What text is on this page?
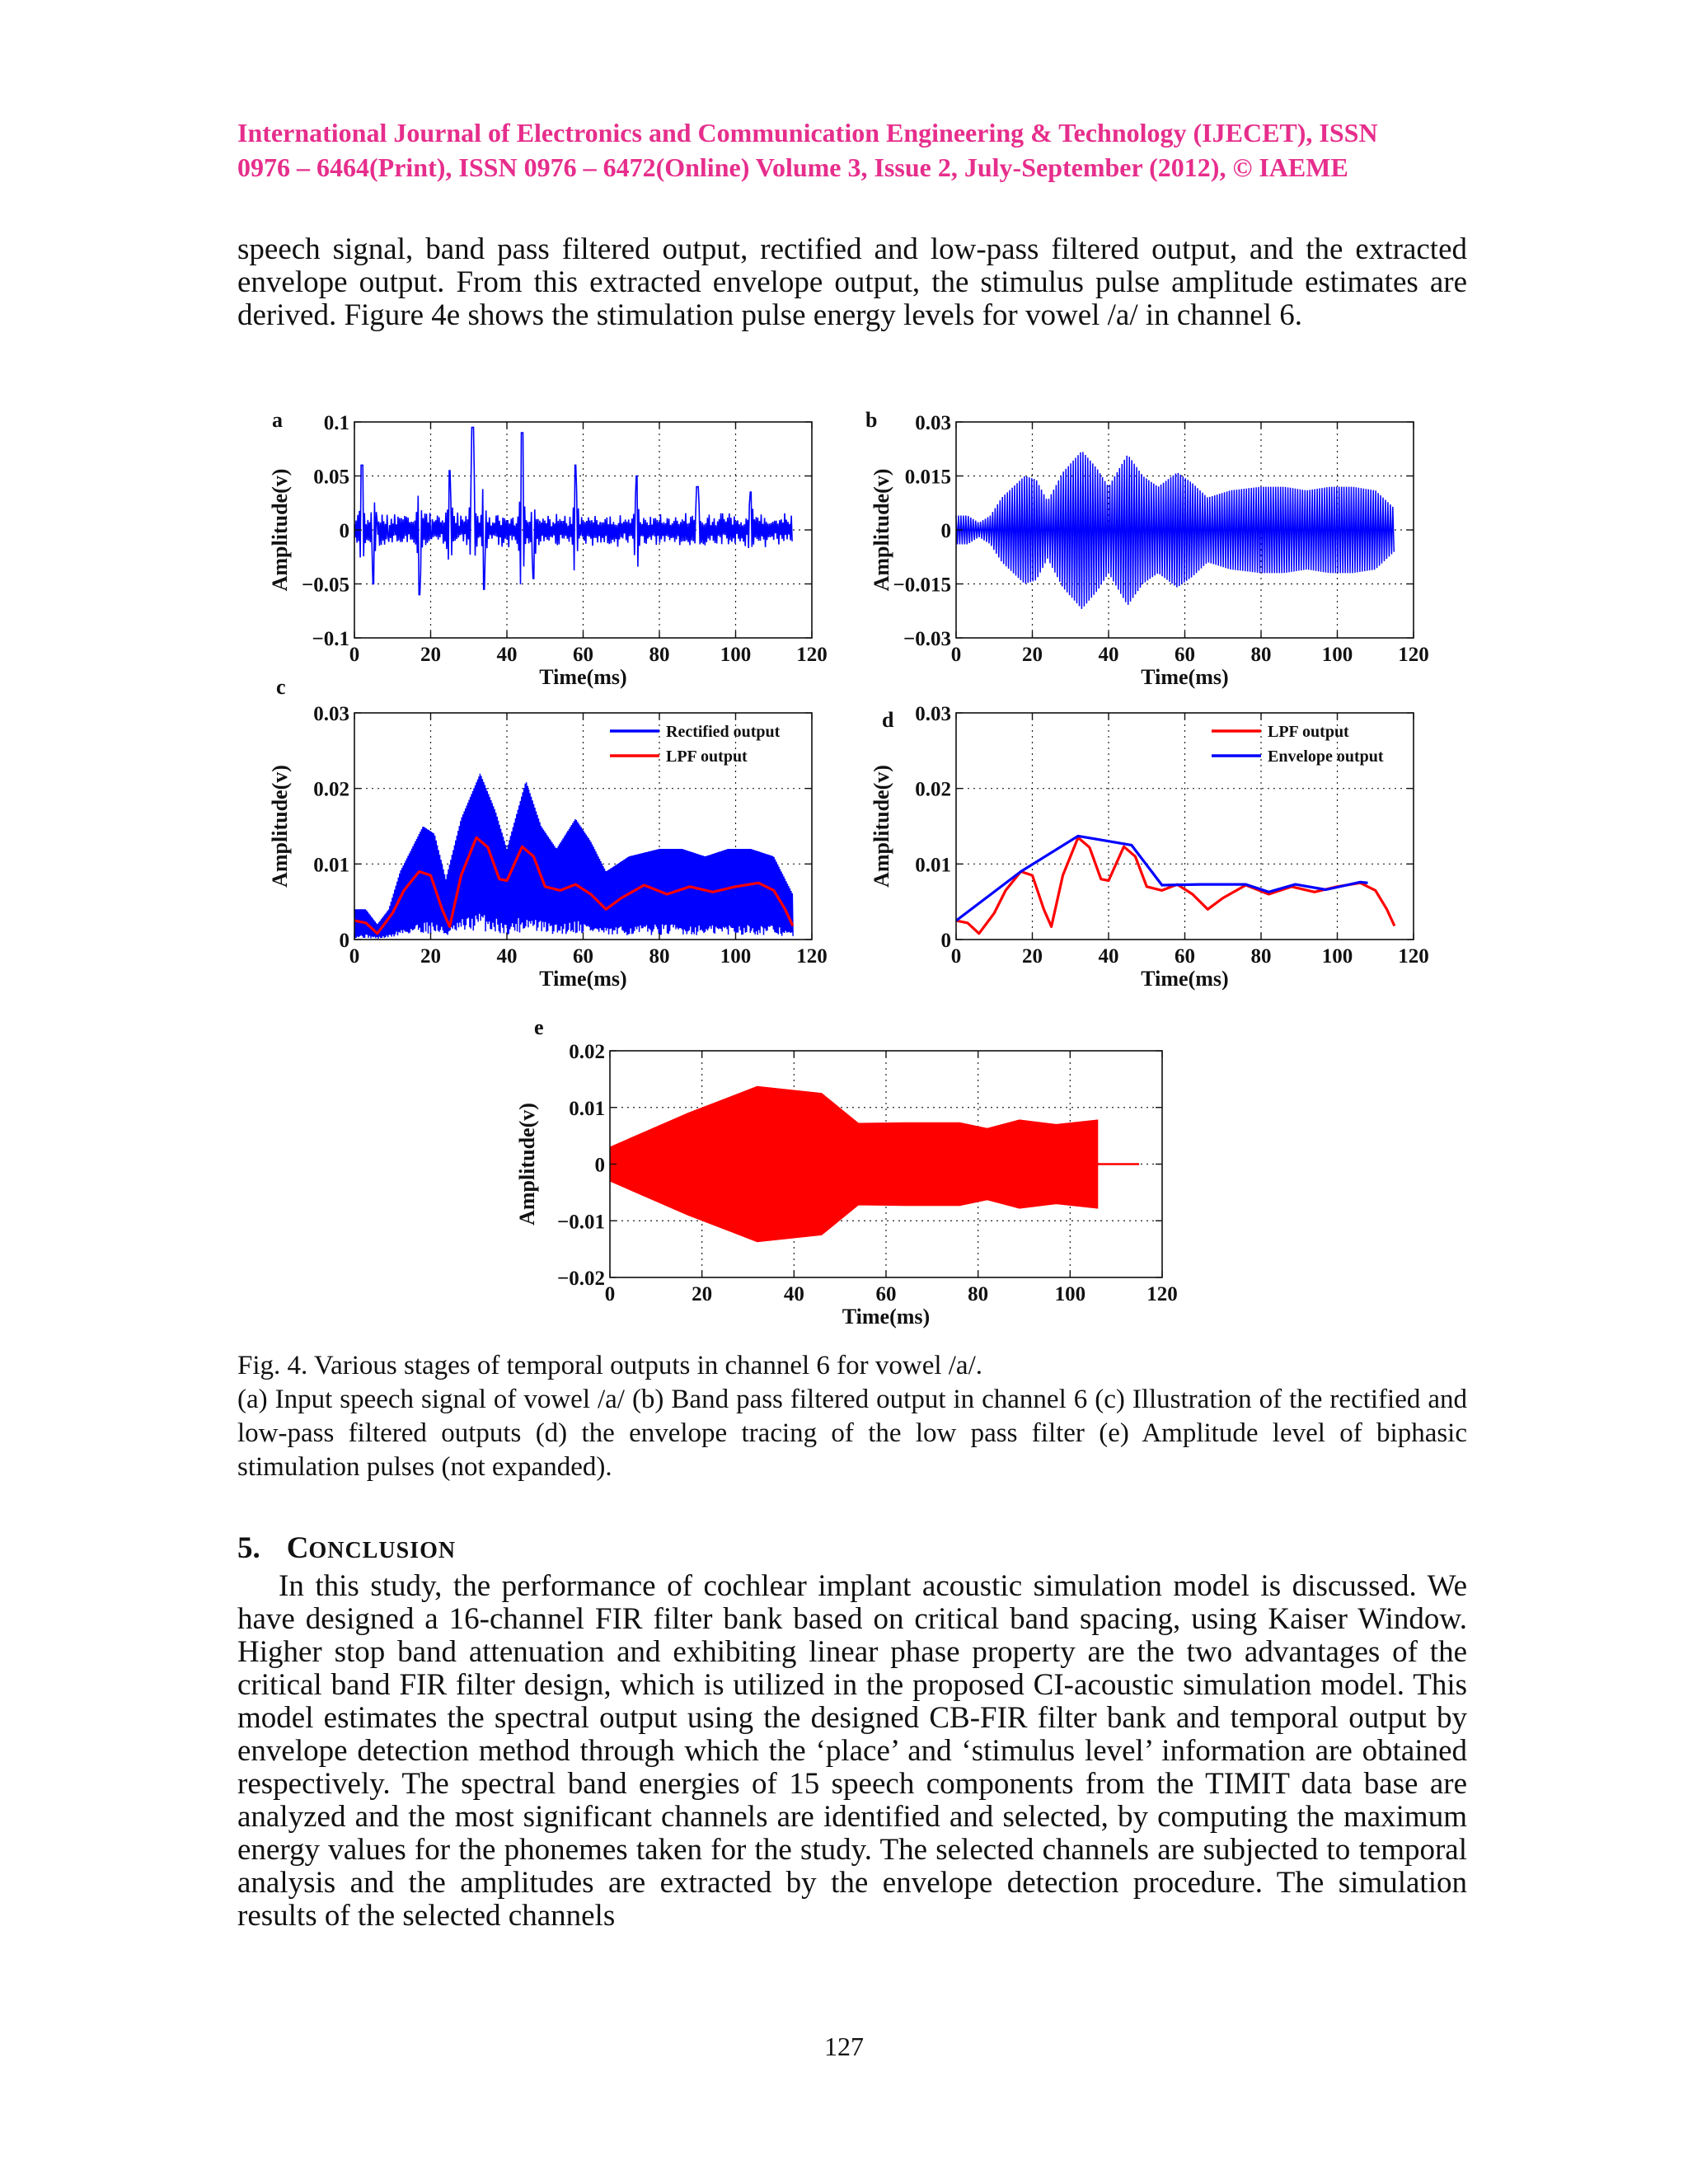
International Journal of Electronics and Communication Engineering & Technology (IJECET), ISSN
0976 – 6464(Print), ISSN 0976 – 6472(Online) Volume 3, Issue 2, July-September (2012), © IAEME
speech signal, band pass filtered output, rectified and low-pass filtered output, and the extracted envelope output. From this extracted envelope output, the stimulus pulse amplitude estimates are derived. Figure 4e shows the stimulation pulse energy levels for vowel /a/ in channel 6.
a
0	20	40	60	80 100 120
0.1
0.05
0
−0.05
−0.1
Time(ms)
Amplitude(v)
b
0	20	40	60	80 100 120
0.03
0.015
0
−0.015
−0.03
Time(ms)
Amplitude(v)
c
0	20	40	60	80 100 120
0.03
0.02
0.01
0
Time(ms)
Amplitude(v)
Rectified output
LPF output
d
0	20	40	60	80 100 120
0.03
0.02
0.01
0
Time(ms)
Amplitude(v)
LPF output
Envelope output
e
0	20	40	60	80	100	120
0.02
0.01
0
−0.01
−0.02
Time(ms)
Amplitude(v)
Fig. 4. Various stages of temporal outputs in channel 6 for vowel /a/.
(a) Input speech signal of vowel /a/ (b) Band pass filtered output in channel 6 (c) Illustration of the rectified and low-pass filtered outputs (d) the envelope tracing of the low pass filter (e) Amplitude level of biphasic stimulation pulses (not expanded).
5. CONCLUSION
In this study, the performance of cochlear implant acoustic simulation model is discussed. We have designed a 16-channel FIR filter bank based on critical band spacing, using Kaiser Window. Higher stop band attenuation and exhibiting linear phase property are the two advantages of the critical band FIR filter design, which is utilized in the proposed CI-acoustic simulation model. This model estimates the spectral output using the designed CB-FIR filter bank and temporal output by envelope detection method through which the ‘place’ and ‘stimulus level’ information are obtained respectively. The spectral band energies of 15 speech components from the TIMIT data base are analyzed and the most significant channels are identified and selected, by computing the maximum energy values for the phonemes taken for the study. The selected channels are subjected to temporal analysis and the amplitudes are extracted by the envelope detection procedure. The simulation results of the selected channels
127
